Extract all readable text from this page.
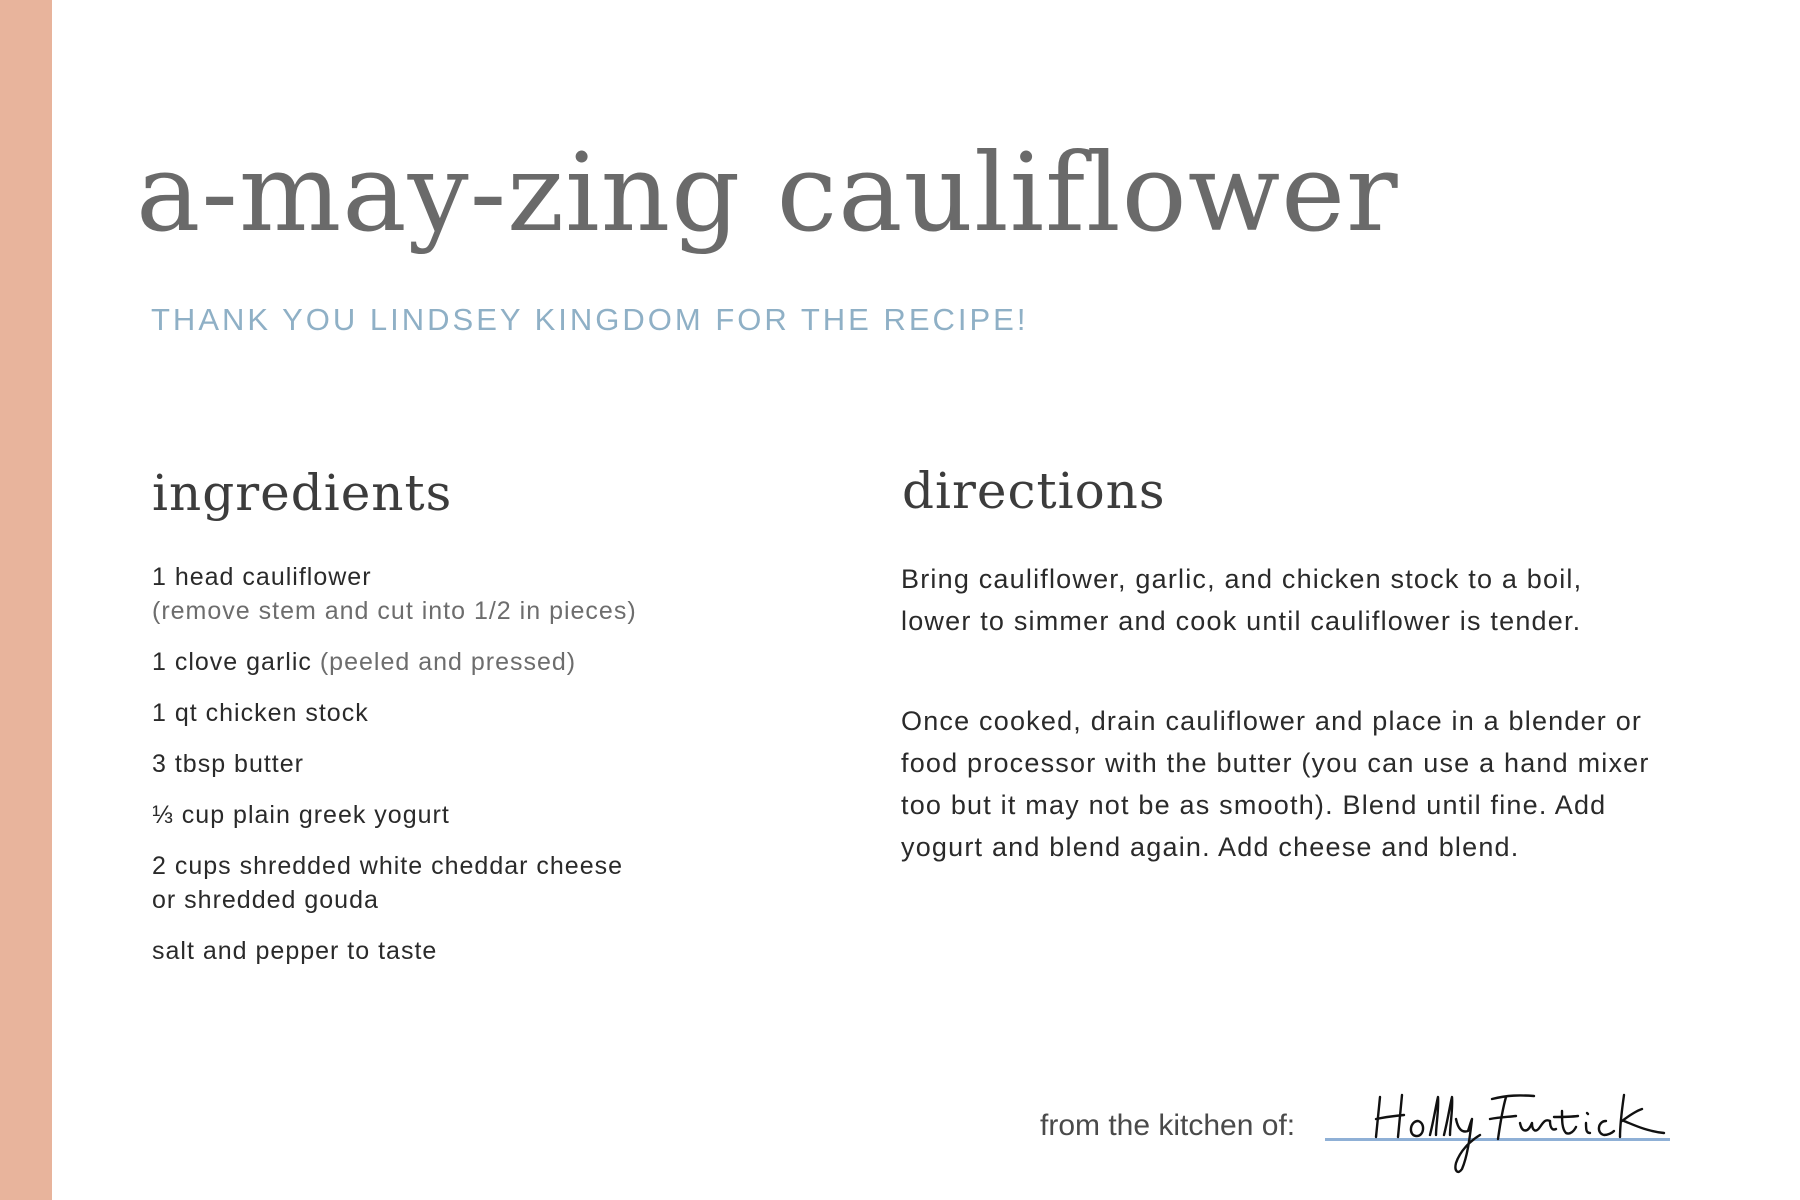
a-may-zing cauliflower
THANK YOU LINDSEY KINGDOM FOR THE RECIPE!
ingredients
1 head cauliflower
(remove stem and cut into 1/2 in pieces)
1 clove garlic (peeled and pressed)
1 qt chicken stock
3 tbsp butter
⅓ cup plain greek yogurt
2 cups shredded white cheddar cheese
or shredded gouda
salt and pepper to taste
directions

Bring cauliflower, garlic, and chicken stock to a boil,
lower to simmer and cook until cauliflower is tender.

Once cooked, drain cauliflower and place in a blender or
food processor with the butter (you can use a hand mixer
too but it may not be as smooth). Blend until fine. Add
yogurt and blend again. Add cheese and blend.

from the kitchen of:
